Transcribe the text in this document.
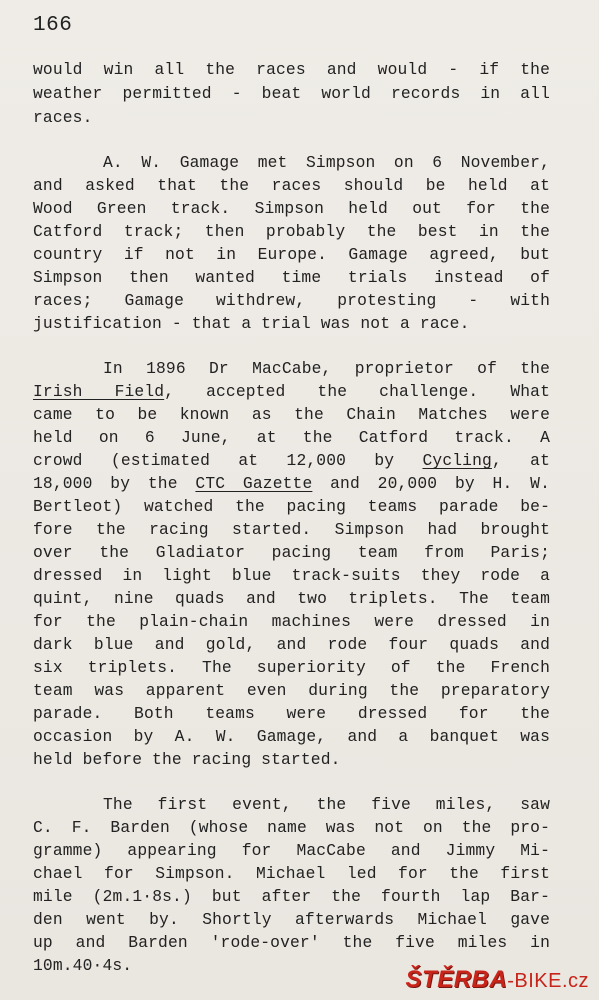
166
would win all the races and would - if the
weather permitted - beat world records in all
races.
A. W. Gamage met Simpson on 6 November,
and asked that the races should be held at
Wood Green track. Simpson held out for the
Catford track; then probably the best in the
country if not in Europe. Gamage agreed, but
Simpson then wanted time trials instead of
races; Gamage withdrew, protesting - with
justification - that a trial was not a race.
In 1896 Dr MacCabe, proprietor of the
Irish Field, accepted the challenge. What
came to be known as the Chain Matches were
held on 6 June, at the Catford track. A
crowd (estimated at 12,000 by Cycling, at
18,000 by the CTC Gazette and 20,000 by H. W.
Bertleot) watched the pacing teams parade be-
fore the racing started. Simpson had brought
over the Gladiator pacing team from Paris;
dressed in light blue track-suits they rode a
quint, nine quads and two triplets. The team
for the plain-chain machines were dressed in
dark blue and gold, and rode four quads and
six triplets. The superiority of the French
team was apparent even during the preparatory
parade. Both teams were dressed for the
occasion by A. W. Gamage, and a banquet was
held before the racing started.
The first event, the five miles, saw
C. F. Barden (whose name was not on the pro-
gramme) appearing for MacCabe and Jimmy Mi-
chael for Simpson. Michael led for the first
mile (2m.1·8s.) but after the fourth lap Bar-
den went by. Shortly afterwards Michael gave
up and Barden 'rode-over' the five miles in
10m.40·4s.
ŠTĚRBA-BIKE.cz
